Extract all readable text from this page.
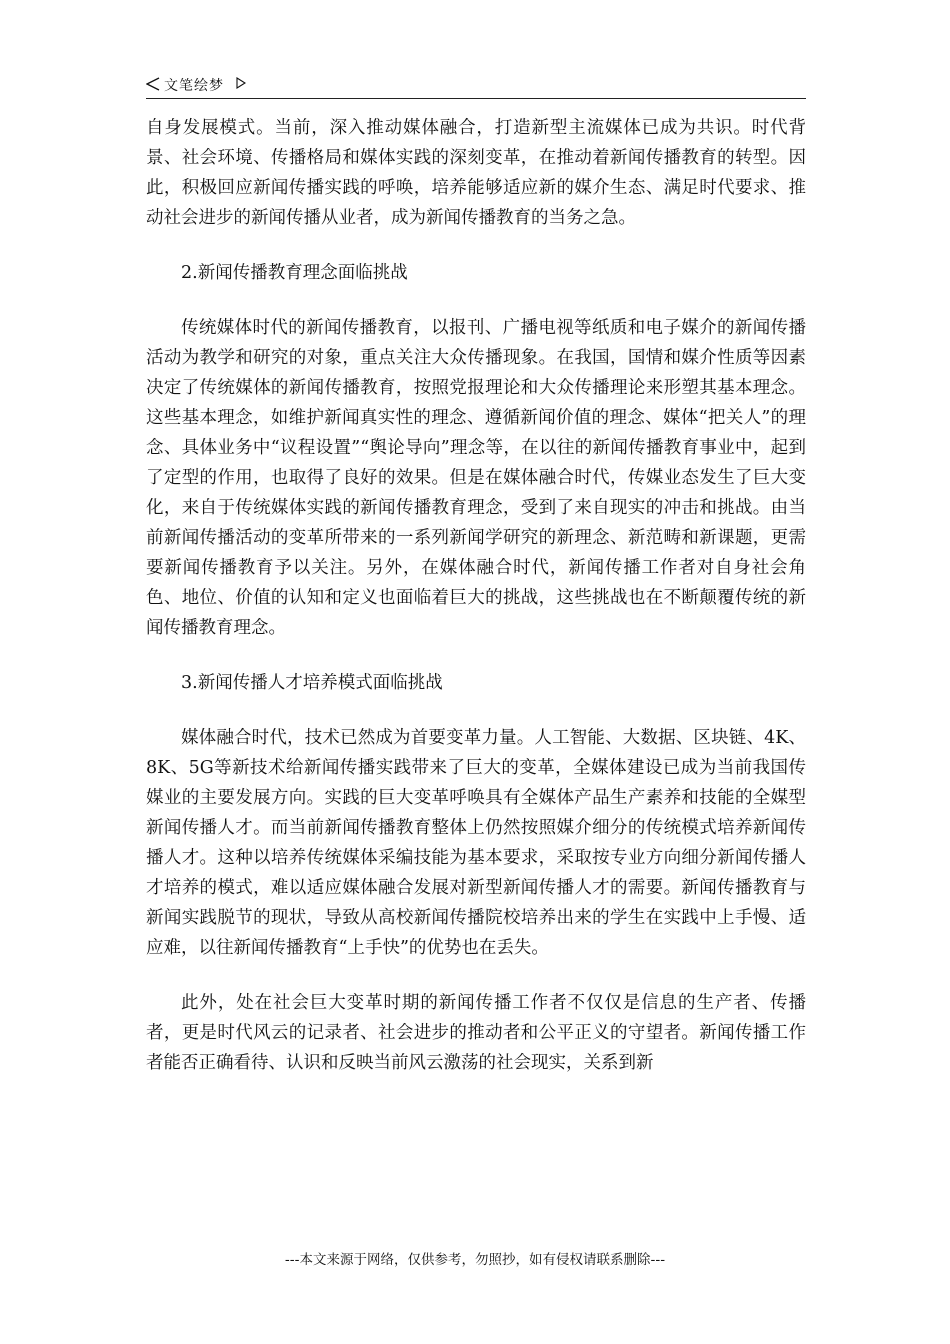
文笔绘梦

自身发展模式。当前，深入推动媒体融合，打造新型主流媒体已成为共识。时代背景、社会环境、传播格局和媒体实践的深刻变革，在推动着新闻传播教育的转型。因此，积极回应新闻传播实践的呼唤，培养能够适应新的媒介生态、满足时代要求、推动社会进步的新闻传播从业者，成为新闻传播教育的当务之急。

2.新闻传播教育理念面临挑战

传统媒体时代的新闻传播教育，以报刊、广播电视等纸质和电子媒介的新闻传播活动为教学和研究的对象，重点关注大众传播现象。在我国，国情和媒介性质等因素决定了传统媒体的新闻传播教育，按照党报理论和大众传播理论来形塑其基本理念。这些基本理念，如维护新闻真实性的理念、遵循新闻价值的理念、媒体“把关人”的理念、具体业务中“议程设置”“舆论导向”理念等，在以往的新闻传播教育事业中，起到了定型的作用，也取得了良好的效果。但是在媒体融合时代，传媒业态发生了巨大变化，来自于传统媒体实践的新闻传播教育理念，受到了来自现实的冲击和挑战。由当前新闻传播活动的变革所带来的一系列新闻学研究的新理念、新范畴和新课题，更需要新闻传播教育予以关注。另外，在媒体融合时代，新闻传播工作者对自身社会角色、地位、价值的认知和定义也面临着巨大的挑战，这些挑战也在不断颠覆传统的新闻传播教育理念。

3.新闻传播人才培养模式面临挑战

媒体融合时代，技术已然成为首要变革力量。人工智能、大数据、区块链、4K、8K、5G等新技术给新闻传播实践带来了巨大的变革，全媒体建设已成为当前我国传媒业的主要发展方向。实践的巨大变革呼唤具有全媒体产品生产素养和技能的全媒型新闻传播人才。而当前新闻传播教育整体上仍然按照媒介细分的传统模式培养新闻传播人才。这种以培养传统媒体采编技能为基本要求，采取按专业方向细分新闻传播人才培养的模式，难以适应媒体融合发展对新型新闻传播人才的需要。新闻传播教育与新闻实践脱节的现状，导致从高校新闻传播院校培养出来的学生在实践中上手慢、适应难，以往新闻传播教育“上手快”的优势也在丢失。

此外，处在社会巨大变革时期的新闻传播工作者不仅仅是信息的生产者、传播者，更是时代风云的记录者、社会进步的推动者和公平正义的守望者。新闻传播工作者能否正确看待、认识和反映当前风云激荡的社会现实，关系到新

---本文来源于网络，仅供参考，勿照抄，如有侵权请联系删除---
